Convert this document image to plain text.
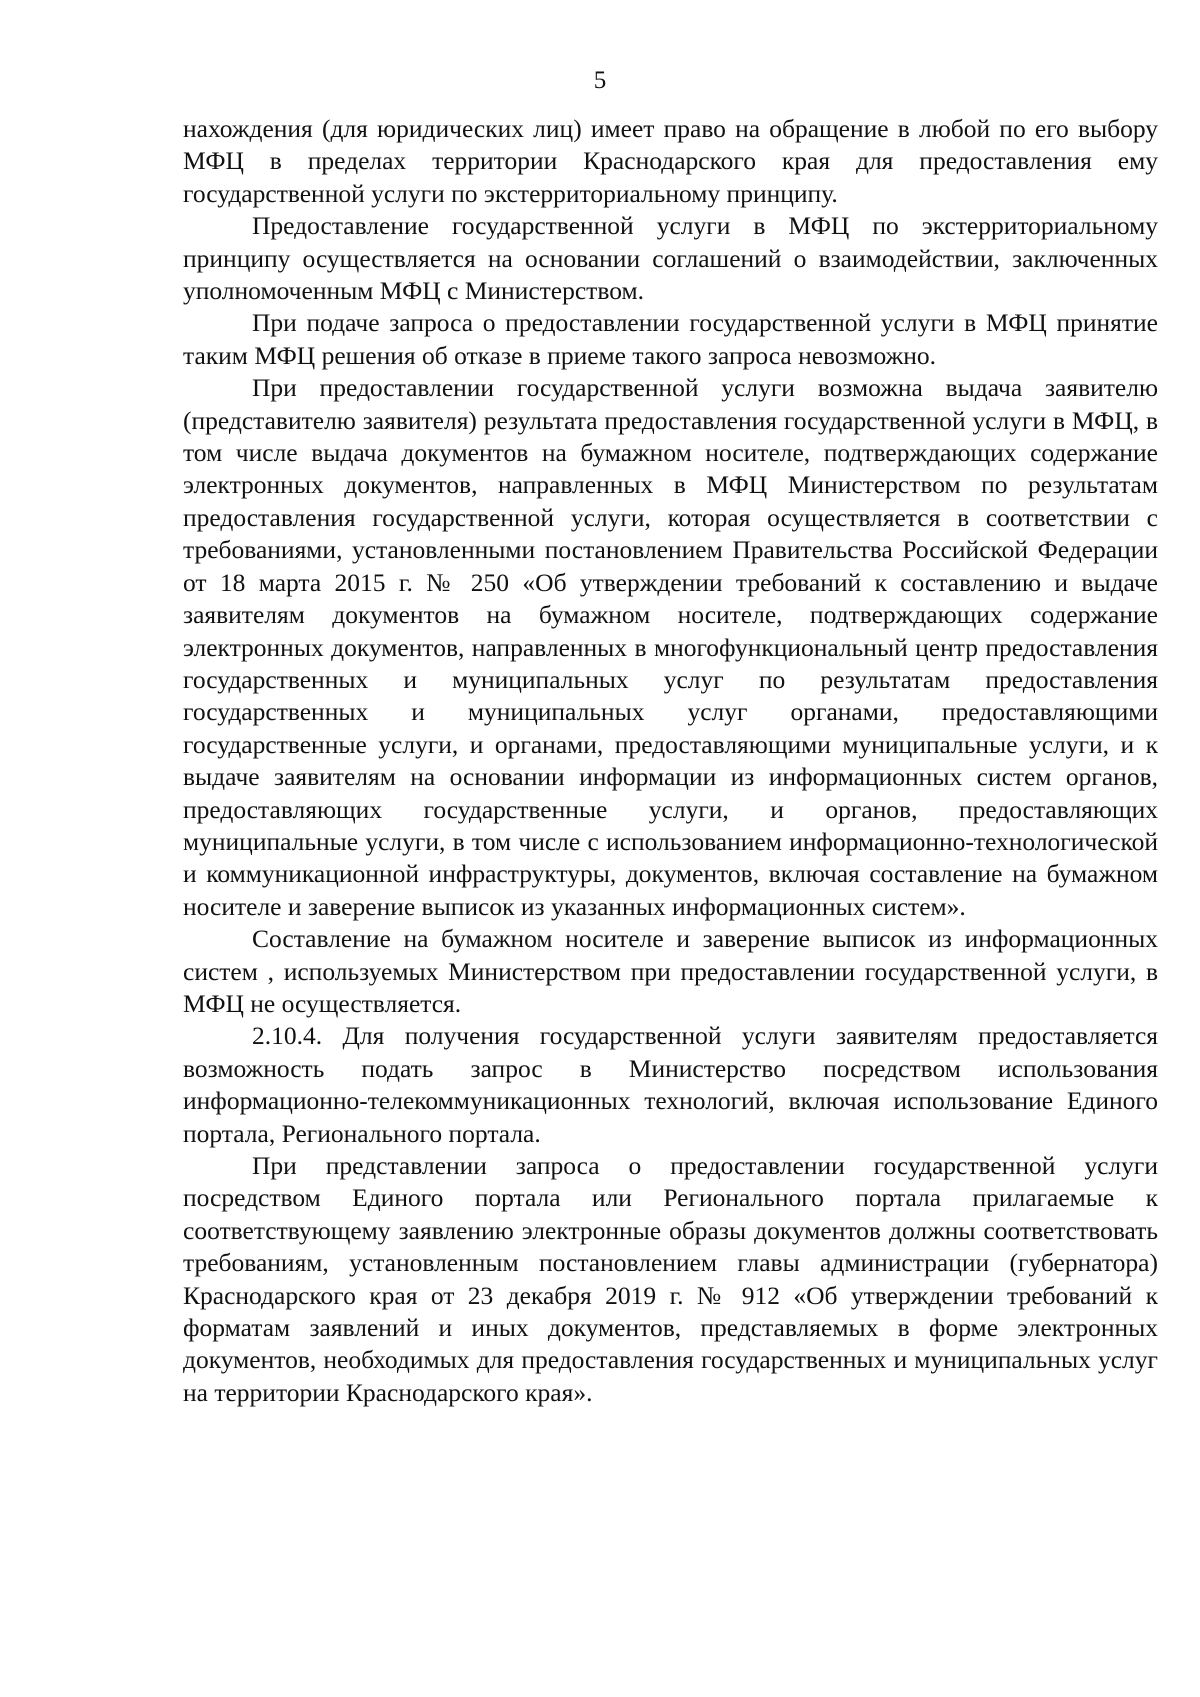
5

нахождения (для юридических лиц) имеет право на обращение в любой по его выбору МФЦ в пределах территории Краснодарского края для предоставления ему государственной услуги по экстерриториальному принципу.

Предоставление государственной услуги в МФЦ по экстерриториальному принципу осуществляется на основании соглашений о взаимодействии, заключенных уполномоченным МФЦ с Министерством.

При подаче запроса о предоставлении государственной услуги в МФЦ принятие таким МФЦ решения об отказе в приеме такого запроса невозможно.

При предоставлении государственной услуги возможна выдача заявителю (представителю заявителя) результата предоставления государственной услуги в МФЦ, в том числе выдача документов на бумажном носителе, подтверждающих содержание электронных документов, направленных в МФЦ Министерством по результатам предоставления государственной услуги, которая осуществляется в соответствии с требованиями, установленными постановлением Правительства Российской Федерации от 18 марта 2015 г. № 250 «Об утверждении требований к составлению и выдаче заявителям документов на бумажном носителе, подтверждающих содержание электронных документов, направленных в многофункциональный центр предоставления государственных и муниципальных услуг по результатам предоставления государственных и муниципальных услуг органами, предоставляющими государственные услуги, и органами, предоставляющими муниципальные услуги, и к выдаче заявителям на основании информации из информационных систем органов, предоставляющих государственные услуги, и органов, предоставляющих муниципальные услуги, в том числе с использованием информационно-технологической и коммуникационной инфраструктуры, документов, включая составление на бумажном носителе и заверение выписок из указанных информационных систем».

Составление на бумажном носителе и заверение выписок из информационных систем , используемых Министерством при предоставлении государственной услуги, в МФЦ не осуществляется.

2.10.4. Для получения государственной услуги заявителям предоставляется возможность подать запрос в Министерство посредством использования информационно-телекоммуникационных технологий, включая использование Единого портала, Регионального портала.

При представлении запроса о предоставлении государственной услуги посредством Единого портала или Регионального портала прилагаемые к соответствующему заявлению электронные образы документов должны соответствовать требованиям, установленным постановлением главы администрации (губернатора) Краснодарского края от 23 декабря 2019 г. № 912 «Об утверждении требований к форматам заявлений и иных документов, представляемых в форме электронных документов, необходимых для предоставления государственных и муниципальных услуг на территории Краснодарского края».
